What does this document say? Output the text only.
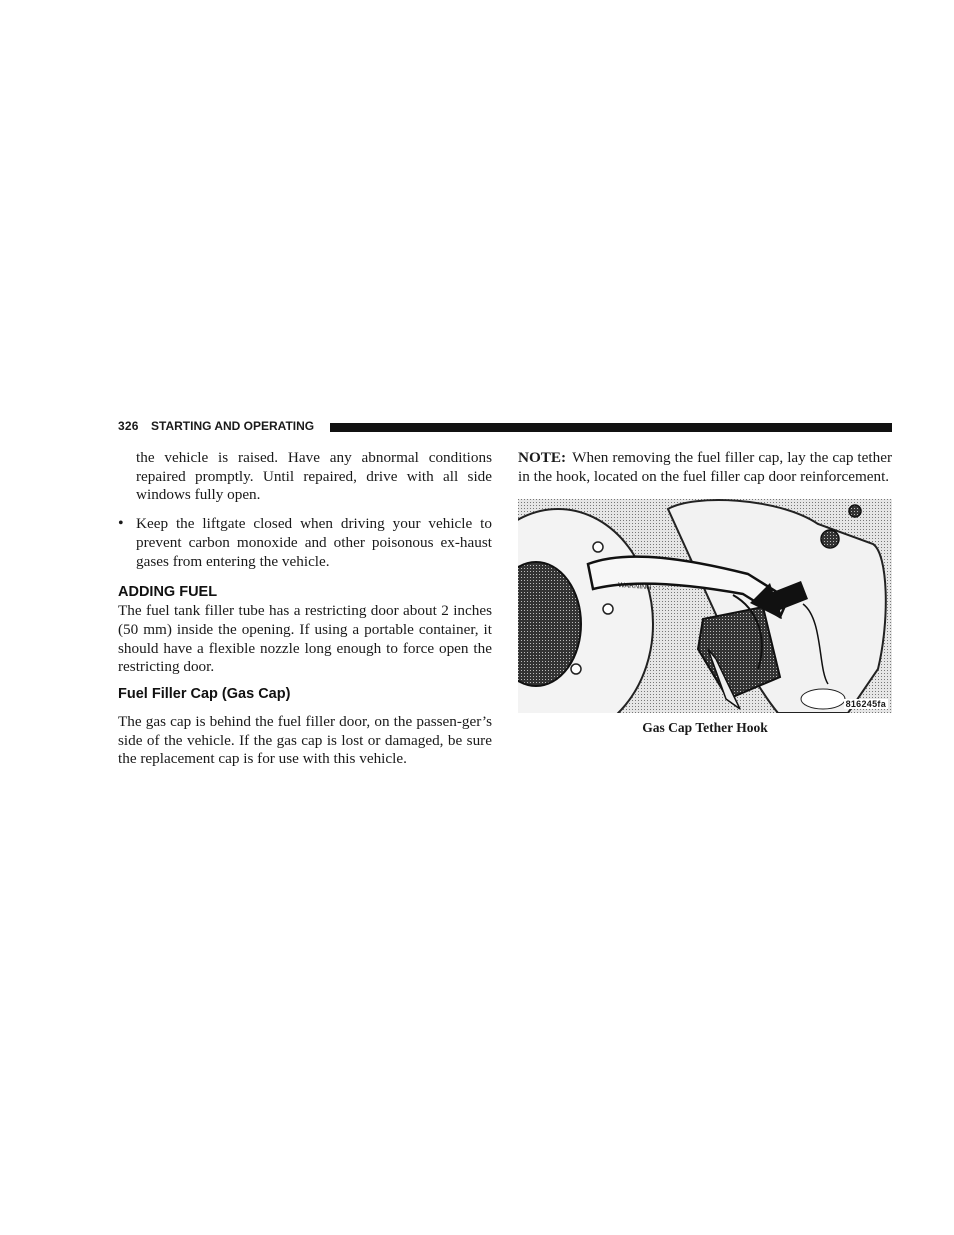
326 STARTING AND OPERATING

the vehicle is raised. Have any abnormal conditions repaired promptly. Until repaired, drive with all side windows fully open.

• Keep the liftgate closed when driving your vehicle to prevent carbon monoxide and other poisonous ex-haust gases from entering the vehicle.

ADDING FUEL

The fuel tank filler tube has a restricting door about 2 inches (50 mm) inside the opening. If using a portable container, it should have a flexible nozzle long enough to force open the restricting door.

Fuel Filler Cap (Gas Cap)

The gas cap is behind the fuel filler door, on the passen-ger’s side of the vehicle. If the gas cap is lost or damaged, be sure the replacement cap is for use with this vehicle.

NOTE: When removing the fuel filler cap, lay the cap tether in the hook, located on the fuel filler cap door reinforcement.

WARNING · · · · ·
816245fa
Gas Cap Tether Hook
